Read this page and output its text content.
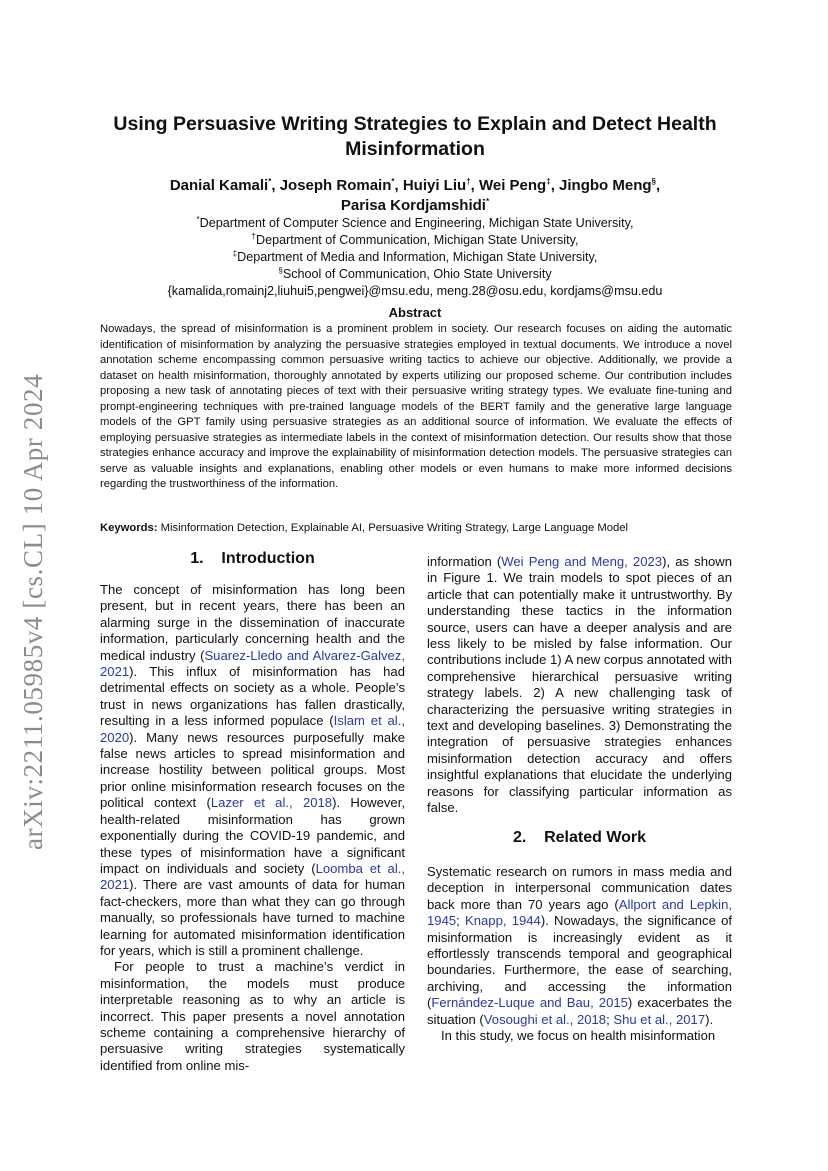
arXiv:2211.05985v4 [cs.CL] 10 Apr 2024
Using Persuasive Writing Strategies to Explain and Detect Health Misinformation
Danial Kamali*, Joseph Romain*, Huiyi Liu†, Wei Peng‡, Jingbo Meng§,
Parisa Kordjamshidi*
*Department of Computer Science and Engineering, Michigan State University,
†Department of Communication, Michigan State University,
‡Department of Media and Information, Michigan State University,
§School of Communication, Ohio State University
{kamalida,romainj2,liuhui5,pengwei}@msu.edu, meng.28@osu.edu, kordjams@msu.edu
Abstract
Nowadays, the spread of misinformation is a prominent problem in society. Our research focuses on aiding the automatic identification of misinformation by analyzing the persuasive strategies employed in textual documents. We introduce a novel annotation scheme encompassing common persuasive writing tactics to achieve our objective. Additionally, we provide a dataset on health misinformation, thoroughly annotated by experts utilizing our proposed scheme. Our contribution includes proposing a new task of annotating pieces of text with their persuasive writing strategy types. We evaluate fine-tuning and prompt-engineering techniques with pre-trained language models of the BERT family and the generative large language models of the GPT family using persuasive strategies as an additional source of information. We evaluate the effects of employing persuasive strategies as intermediate labels in the context of misinformation detection. Our results show that those strategies enhance accuracy and improve the explainability of misinformation detection models. The persuasive strategies can serve as valuable insights and explanations, enabling other models or even humans to make more informed decisions regarding the trustworthiness of the information.
Keywords: Misinformation Detection, Explainable AI, Persuasive Writing Strategy, Large Language Model
1.    Introduction

The concept of misinformation has long been present, but in recent years, there has been an alarming surge in the dissemination of inaccurate information, particularly concerning health and the medical industry (Suarez-Lledo and Alvarez-Galvez, 2021). This influx of misinformation has had detrimental effects on society as a whole. People’s trust in news organizations has fallen drastically, resulting in a less informed populace (Islam et al., 2020). Many news resources purposefully make false news articles to spread misinformation and increase hostility between political groups. Most prior online misinformation research focuses on the political context (Lazer et al., 2018). However, health-related misinformation has grown exponentially during the COVID-19 pandemic, and these types of misinformation have a significant impact on individuals and society (Loomba et al., 2021). There are vast amounts of data for human fact-checkers, more than what they can go through manually, so professionals have turned to machine learning for automated misinformation identification for years, which is still a prominent challenge.

For people to trust a machine’s verdict in misinformation, the models must produce interpretable reasoning as to why an article is incorrect. This paper presents a novel annotation scheme containing a comprehensive hierarchy of persuasive writing strategies systematically identified from online mis-

information (Wei Peng and Meng, 2023), as shown in Figure 1. We train models to spot pieces of an article that can potentially make it untrustworthy. By understanding these tactics in the information source, users can have a deeper analysis and are less likely to be misled by false information. Our contributions include 1) A new corpus annotated with comprehensive hierarchical persuasive writing strategy labels. 2) A new challenging task of characterizing the persuasive writing strategies in text and developing baselines. 3) Demonstrating the integration of persuasive strategies enhances misinformation detection accuracy and offers insightful explanations that elucidate the underlying reasons for classifying particular information as false.

2.    Related Work

Systematic research on rumors in mass media and deception in interpersonal communication dates back more than 70 years ago (Allport and Lepkin, 1945; Knapp, 1944). Nowadays, the significance of misinformation is increasingly evident as it effortlessly transcends temporal and geographical boundaries. Furthermore, the ease of searching, archiving, and accessing the information (Fernández-Luque and Bau, 2015) exacerbates the situation (Vosoughi et al., 2018; Shu et al., 2017).

In this study, we focus on health misinformation
